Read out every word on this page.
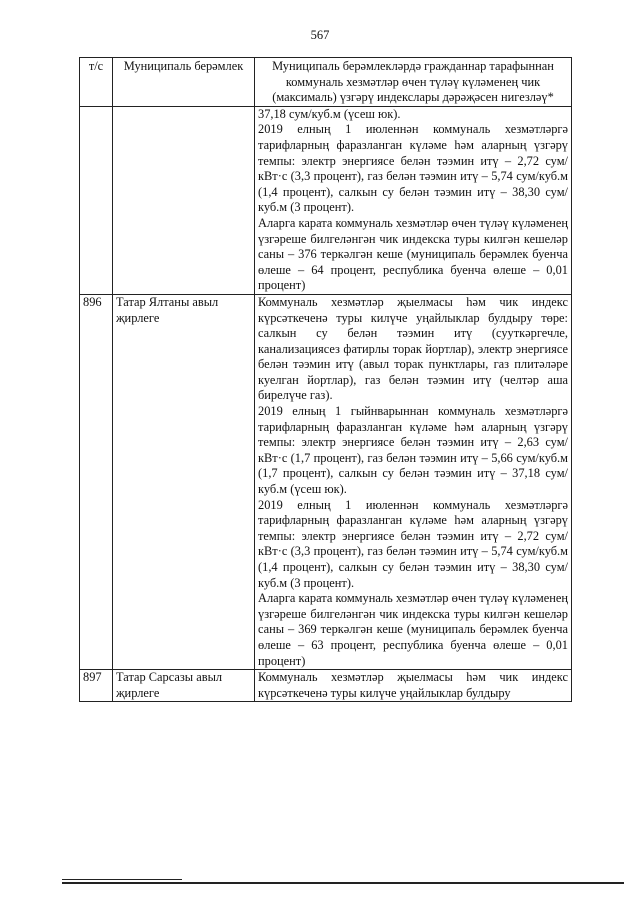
567
т/с	Муниципаль берәмлек	Муниципаль берәмлекләрдә гражданнар тарафыннан коммуналь хезмәтләр өчен түләү күләменең чик (максималь) үзгәрү индекслары дәрәҗәсен нигезләү*

		37,18 сум/куб.м (үсеш юк).
2019 елның 1 июленнән коммуналь хезмәтләргә тарифларның фаразланган күләме һәм аларның үзгәрү темпы: электр энергиясе белән тәэмин итү – 2,72 сум/кВт·с (3,3 процент), газ белән тәэмин итү – 5,74 сум/куб.м (1,4 процент), салкын су белән тәэмин итү – 38,30 сум/куб.м (3 процент).
Аларга карата коммуналь хезмәтләр өчен түләү күләменең үзгәреше билгеләнгән чик индекска туры килгән кешеләр саны – 376 теркәлгән кеше (муниципаль берәмлек буенча өлеше – 64 процент, республика буенча өлеше – 0,01 процент)

896	Татар Ялтаны авыл җирлеге	Коммуналь хезмәтләр җыелмасы һәм чик индекс күрсәткеченә туры килүче уңайлыклар булдыру төре: салкын су белән тәэмин итү (сууткәргечле, канализациясез фатирлы торак йортлар), электр энергиясе белән тәэмин итү (авыл торак пунктлары, газ плитәләре куелган йортлар), газ белән тәэмин итү (челтәр аша бирелүче газ).
2019 елның 1 гыйнварыннан коммуналь хезмәтләргә тарифларның фаразланган күләме һәм аларның үзгәрү темпы: электр энергиясе белән тәэмин итү – 2,63 сум/кВт·с (1,7 процент), газ белән тәэмин итү – 5,66 сум/куб.м (1,7 процент), салкын су белән тәэмин итү – 37,18 сум/куб.м (үсеш юк).
2019 елның 1 июленнән коммуналь хезмәтләргә тарифларның фаразланган күләме һәм аларның үзгәрү темпы: электр энергиясе белән тәэмин итү – 2,72 сум/кВт·с (3,3 процент), газ белән тәэмин итү – 5,74 сум/куб.м (1,4 процент), салкын су белән тәэмин итү – 38,30 сум/куб.м (3 процент).
Аларга карата коммуналь хезмәтләр өчен түләү күләменең үзгәреше билгеләнгән чик индекска туры килгән кешеләр саны – 369 теркәлгән кеше (муниципаль берәмлек буенча өлеше – 63 процент, республика буенча өлеше – 0,01 процент)

897	Татар Сарсазы авыл җирлеге	Коммуналь хезмәтләр җыелмасы һәм чик индекс күрсәткеченә туры килүче уңайлыклар булдыру
